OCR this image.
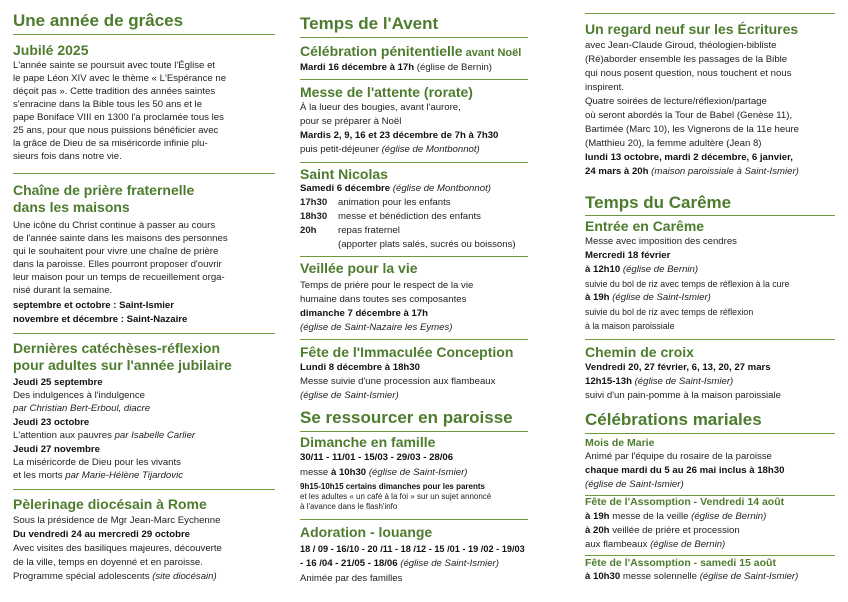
Une année de grâces
Jubilé 2025
L'année sainte se poursuit avec toute l'Église et
le pape Léon XIV avec le thème « L'Espérance ne
déçoit pas ». Cette tradition des années saintes
s'enracine dans la Bible tous les 50 ans et le
pape Boniface VIII en 1300 l'a proclamée tous les
25 ans, pour que nous puissions bénéficier avec
la grâce de Dieu de sa miséricorde infinie plu-
sieurs fois dans notre vie.
Chaîne de prière fraternelle
dans les maisons
Une icône du Christ continue à passer au cours
de l'année sainte dans les maisons des personnes
qui le souhaitent pour vivre une chaîne de prière
dans la paroisse. Elles pourront proposer d'ouvrir
leur maison pour un temps de recueillement orga-
nisé durant la semaine.
septembre et octobre : Saint-Ismier
novembre et décembre : Saint-Nazaire
Dernières catéchèses-réflexion
pour adultes sur l'année jubilaire
Jeudi 25 septembre
Des indulgences à l'indulgence
par Christian Bert-Erboul, diacre
Jeudi 23 octobre
L'attention aux pauvres par Isabelle Carlier
Jeudi 27 novembre
La miséricorde de Dieu pour les vivants
et les morts par Marie-Hélène Tijardovic
Pèlerinage diocésain à Rome
Sous la présidence de Mgr Jean-Marc Eychenne
Du vendredi 24 au mercredi 29 octobre
Avec visites des basiliques majeures, découverte
de la ville, temps en doyenné et en paroisse.
Programme spécial adolescents (site diocésain)
Temps de l'Avent
Célébration pénitentielle avant Noël
Mardi 16 décembre à 17h (église de Bernin)
Messe de l'attente (rorate)
À la lueur des bougies, avant l'aurore,
pour se préparer à Noël
Mardis 2, 9, 16 et 23 décembre de 7h à 7h30
puis petit-déjeuner (église de Montbonnot)
Saint Nicolas
Samedi 6 décembre (église de Montbonnot)
17h30 animation pour les enfants
18h30 messe et bénédiction des enfants
20h repas fraternel
(apporter plats salés, sucrés ou boissons)
Veillée pour la vie
Temps de prière pour le respect de la vie
humaine dans toutes ses composantes
dimanche 7 décembre à 17h
(église de Saint-Nazaire les Eymes)
Fête de l'Immaculée Conception
Lundi 8 décembre à 18h30
Messe suivie d'une procession aux flambeaux
(église de Saint-Ismier)
Se ressourcer en paroisse
Dimanche en famille
30/11 - 11/01 - 15/03 - 29/03 - 28/06
messe à 10h30 (église de Saint-Ismier)
9h15-10h15 certains dimanches pour les parents
et les adultes « un café à la foi » sur un sujet annoncé
à l'avance dans le flash'info
Adoration - louange
18 / 09 - 16/10 - 20 /11 - 18 /12 - 15 /01 - 19 /02 - 19/03
- 16 /04 - 21/05 - 18/06 (église de Saint-Ismier)
Animée par des familles
Un regard neuf sur les Écritures
avec Jean-Claude Giroud, théologien-bibliste
(Ré)aborder ensemble les passages de la Bible
qui nous posent question, nous touchent et nous
inspirent.
Quatre soirées de lecture/réflexion/partage
où seront abordés la Tour de Babel (Genèse 11),
Bartimée (Marc 10), les Vignerons de la 11e heure
(Matthieu 20), la femme adultère (Jean 8)
lundi 13 octobre, mardi 2 décembre, 6 janvier,
24 mars à 20h (maison paroissiale à Saint-Ismier)
Temps du Carême
Entrée en Carême
Messe avec imposition des cendres
Mercredi 18 février
à 12h10 (église de Bernin)
suivie du bol de riz avec temps de réflexion à la cure
à 19h (église de Saint-Ismier)
suivie du bol de riz avec temps de réflexion
à la maison paroissiale
Chemin de croix
Vendredi 20, 27 février, 6, 13, 20, 27 mars
12h15-13h (église de Saint-Ismier)
suivi d'un pain-pomme à la maison paroissiale
Célébrations mariales
Mois de Marie
Animé par l'équipe du rosaire de la paroisse
chaque mardi du 5 au 26 mai inclus à 18h30
(église de Saint-Ismier)
Fête de l'Assomption - Vendredi 14 août
à 19h messe de la veille (église de Bernin)
à 20h veillée de prière et procession
aux flambeaux (église de Bernin)
Fête de l'Assomption - samedi 15 août
à 10h30 messe solennelle (église de Saint-Ismier)
